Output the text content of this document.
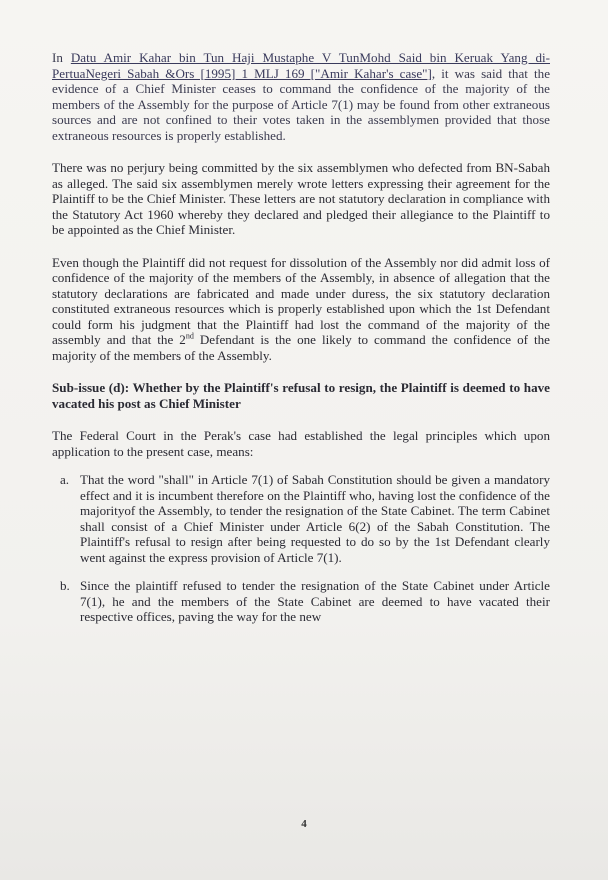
In Datu Amir Kahar bin Tun Haji Mustaphe V TunMohd Said bin Keruak Yang di-PertuaNegeri Sabah &Ors [1995] 1 MLJ 169 ["Amir Kahar's case"], it was said that the evidence of a Chief Minister ceases to command the confidence of the majority of the members of the Assembly for the purpose of Article 7(1) may be found from other extraneous sources and are not confined to their votes taken in the assemblymen provided that those extraneous resources is properly established.

There was no perjury being committed by the six assemblymen who defected from BN-Sabah as alleged. The said six assemblymen merely wrote letters expressing their agreement for the Plaintiff to be the Chief Minister. These letters are not statutory declaration in compliance with the Statutory Act 1960 whereby they declared and pledged their allegiance to the Plaintiff to be appointed as the Chief Minister.

Even though the Plaintiff did not request for dissolution of the Assembly nor did admit loss of confidence of the majority of the members of the Assembly, in absence of allegation that the statutory declarations are fabricated and made under duress, the six statutory declaration constituted extraneous resources which is properly established upon which the 1st Defendant could form his judgment that the Plaintiff had lost the command of the majority of the assembly and that the 2nd Defendant is the one likely to command the confidence of the majority of the members of the Assembly.

Sub-issue (d): Whether by the Plaintiff's refusal to resign, the Plaintiff is deemed to have vacated his post as Chief Minister

The Federal Court in the Perak's case had established the legal principles which upon application to the present case, means:

a. That the word "shall" in Article 7(1) of Sabah Constitution should be given a mandatory effect and it is incumbent therefore on the Plaintiff who, having lost the confidence of the majorityof the Assembly, to tender the resignation of the State Cabinet. The term Cabinet shall consist of a Chief Minister under Article 6(2) of the Sabah Constitution. The Plaintiff's refusal to resign after being requested to do so by the 1st Defendant clearly went against the express provision of Article 7(1).
b. Since the plaintiff refused to tender the resignation of the State Cabinet under Article 7(1), he and the members of the State Cabinet are deemed to have vacated their respective offices, paving the way for the new
4
